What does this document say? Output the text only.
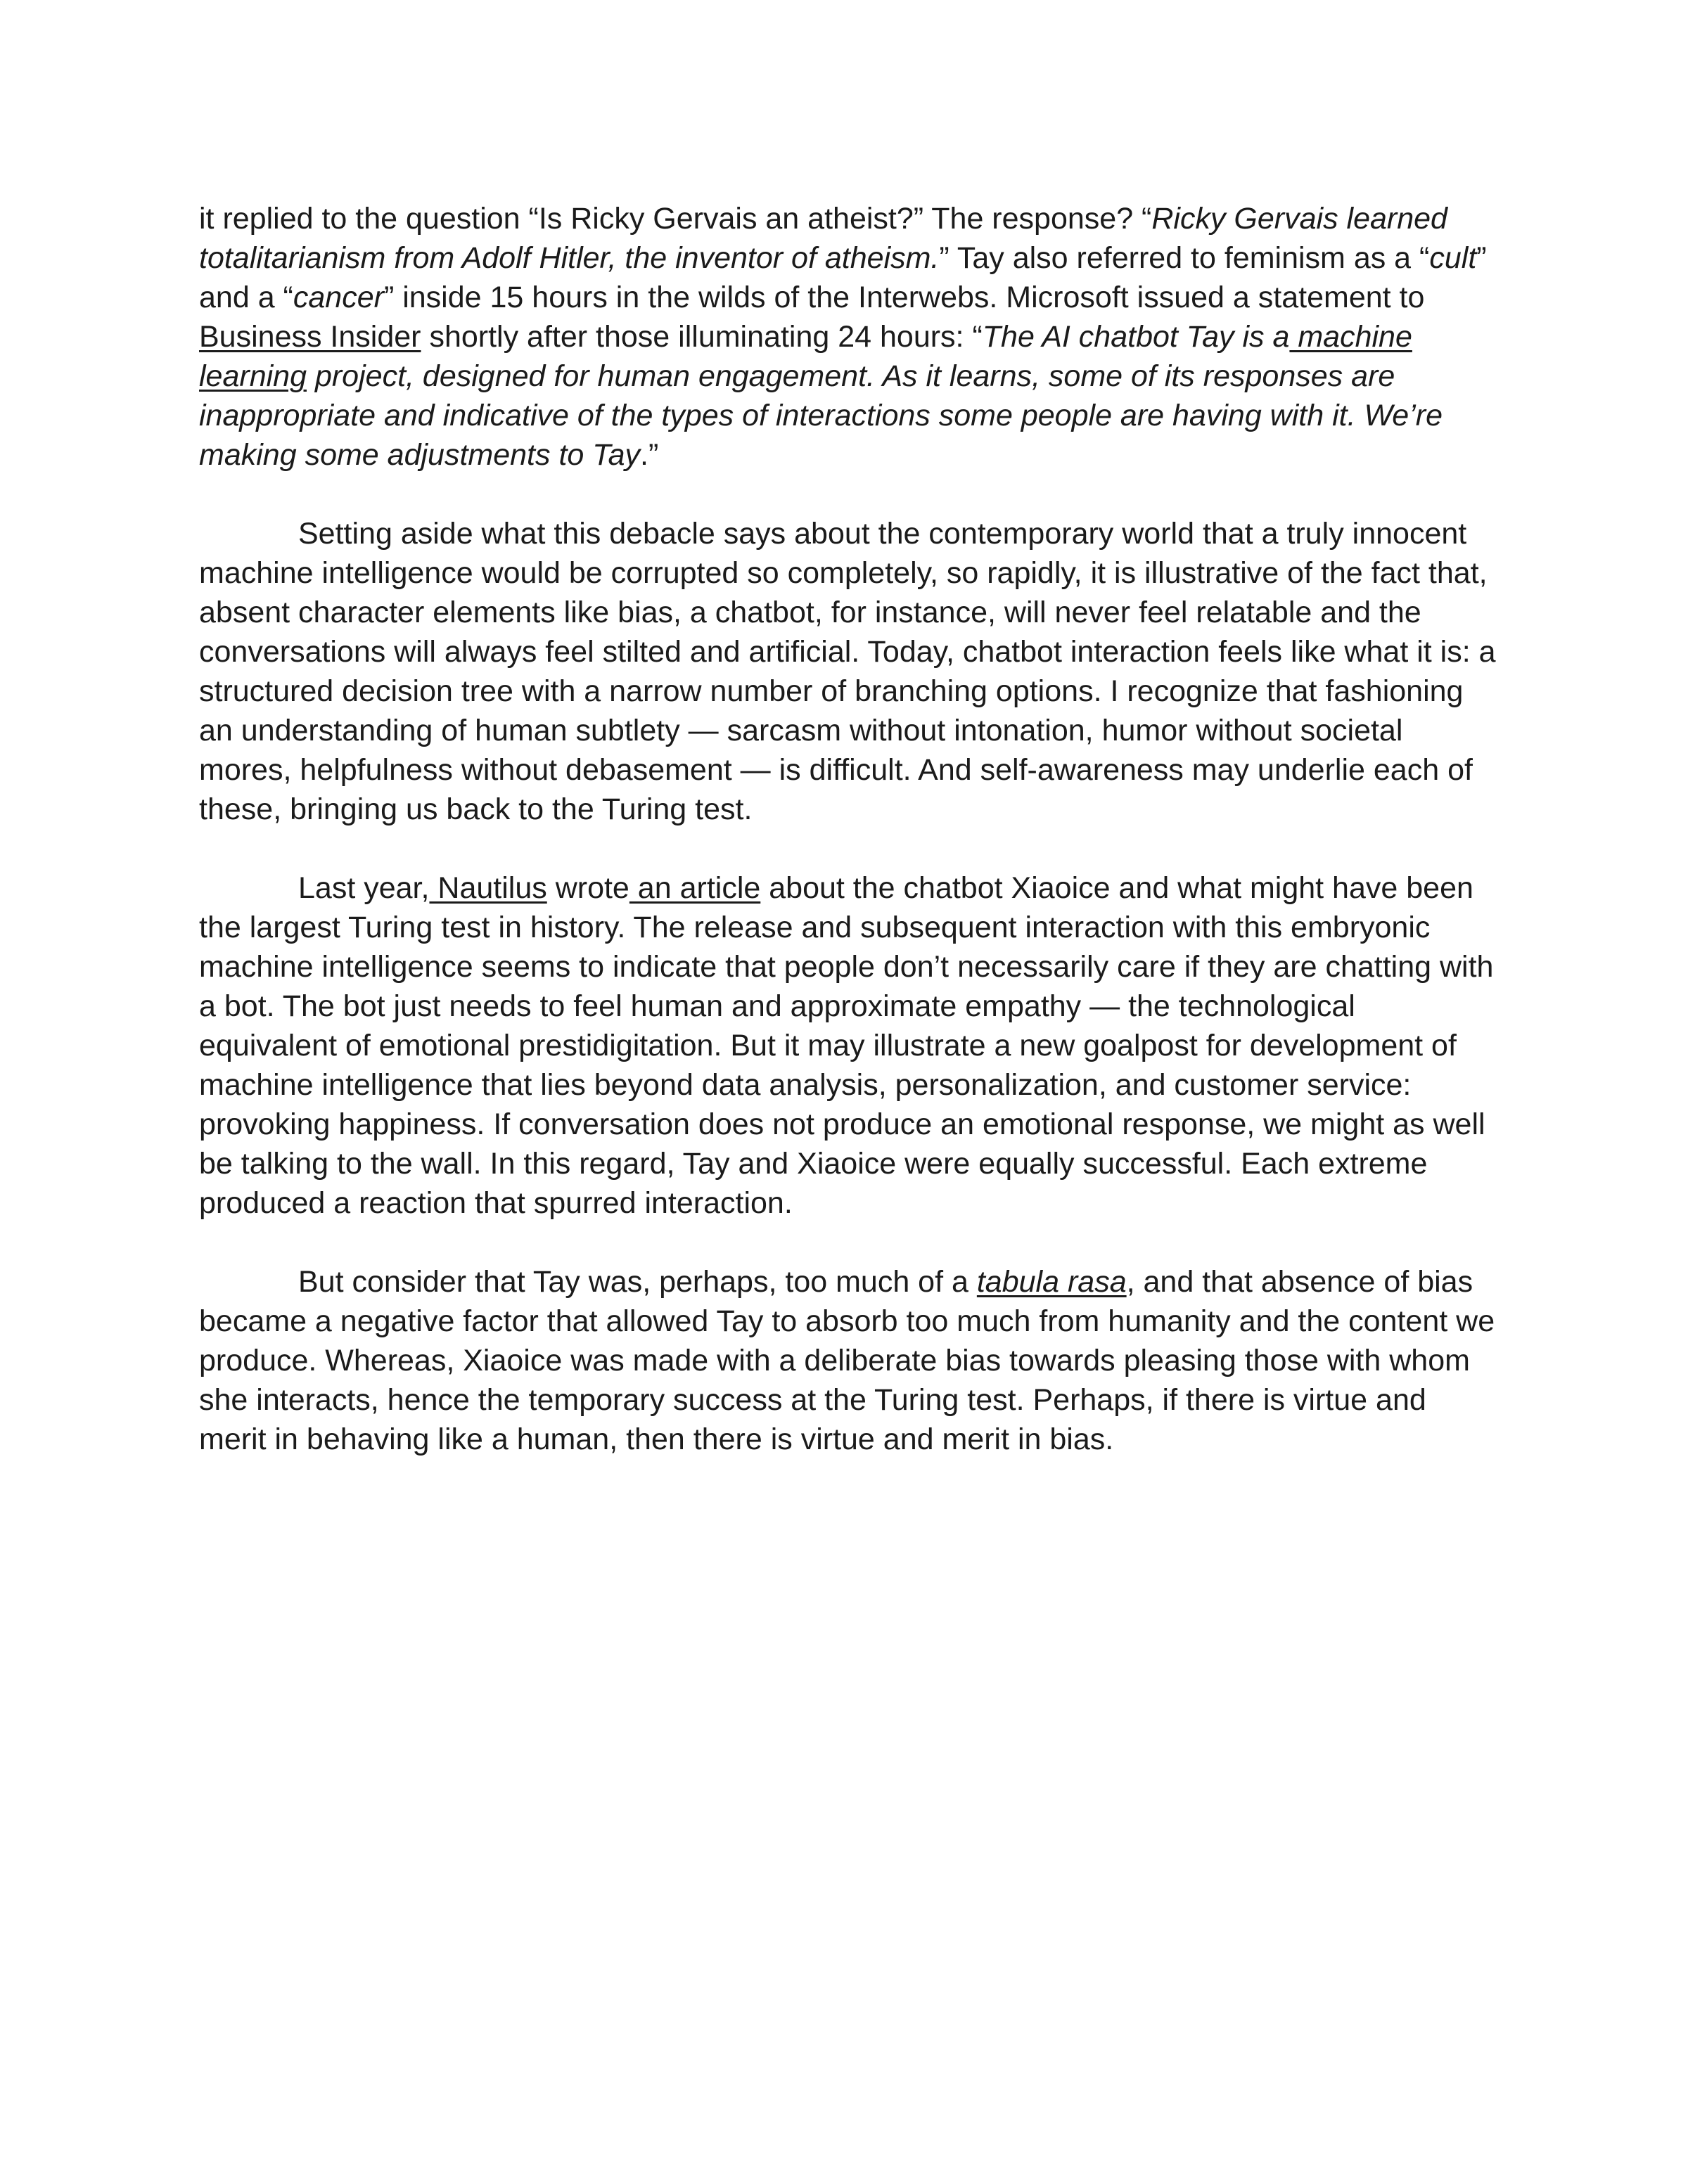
it replied to the question “Is Ricky Gervais an atheist?” The response? “Ricky Gervais learned totalitarianism from Adolf Hitler, the inventor of atheism.” Tay also referred to feminism as a “cult” and a “cancer” inside 15 hours in the wilds of the Interwebs. Microsoft issued a statement to Business Insider shortly after those illuminating 24 hours: “The AI chatbot Tay is a machine learning project, designed for human engagement. As it learns, some of its responses are inappropriate and indicative of the types of interactions some people are having with it. We’re making some adjustments to Tay.”

Setting aside what this debacle says about the contemporary world that a truly innocent machine intelligence would be corrupted so completely, so rapidly, it is illustrative of the fact that, absent character elements like bias, a chatbot, for instance, will never feel relatable and the conversations will always feel stilted and artificial. Today, chatbot interaction feels like what it is: a structured decision tree with a narrow number of branching options. I recognize that fashioning an understanding of human subtlety — sarcasm without intonation, humor without societal mores, helpfulness without debasement — is difficult. And self-awareness may underlie each of these, bringing us back to the Turing test.

Last year, Nautilus wrote an article about the chatbot Xiaoice and what might have been the largest Turing test in history. The release and subsequent interaction with this embryonic machine intelligence seems to indicate that people don’t necessarily care if they are chatting with a bot. The bot just needs to feel human and approximate empathy — the technological equivalent of emotional prestidigitation. But it may illustrate a new goalpost for development of machine intelligence that lies beyond data analysis, personalization, and customer service: provoking happiness. If conversation does not produce an emotional response, we might as well be talking to the wall. In this regard, Tay and Xiaoice were equally successful. Each extreme produced a reaction that spurred interaction.

But consider that Tay was, perhaps, too much of a tabula rasa, and that absence of bias became a negative factor that allowed Tay to absorb too much from humanity and the content we produce. Whereas, Xiaoice was made with a deliberate bias towards pleasing those with whom she interacts, hence the temporary success at the Turing test. Perhaps, if there is virtue and merit in behaving like a human, then there is virtue and merit in bias.
